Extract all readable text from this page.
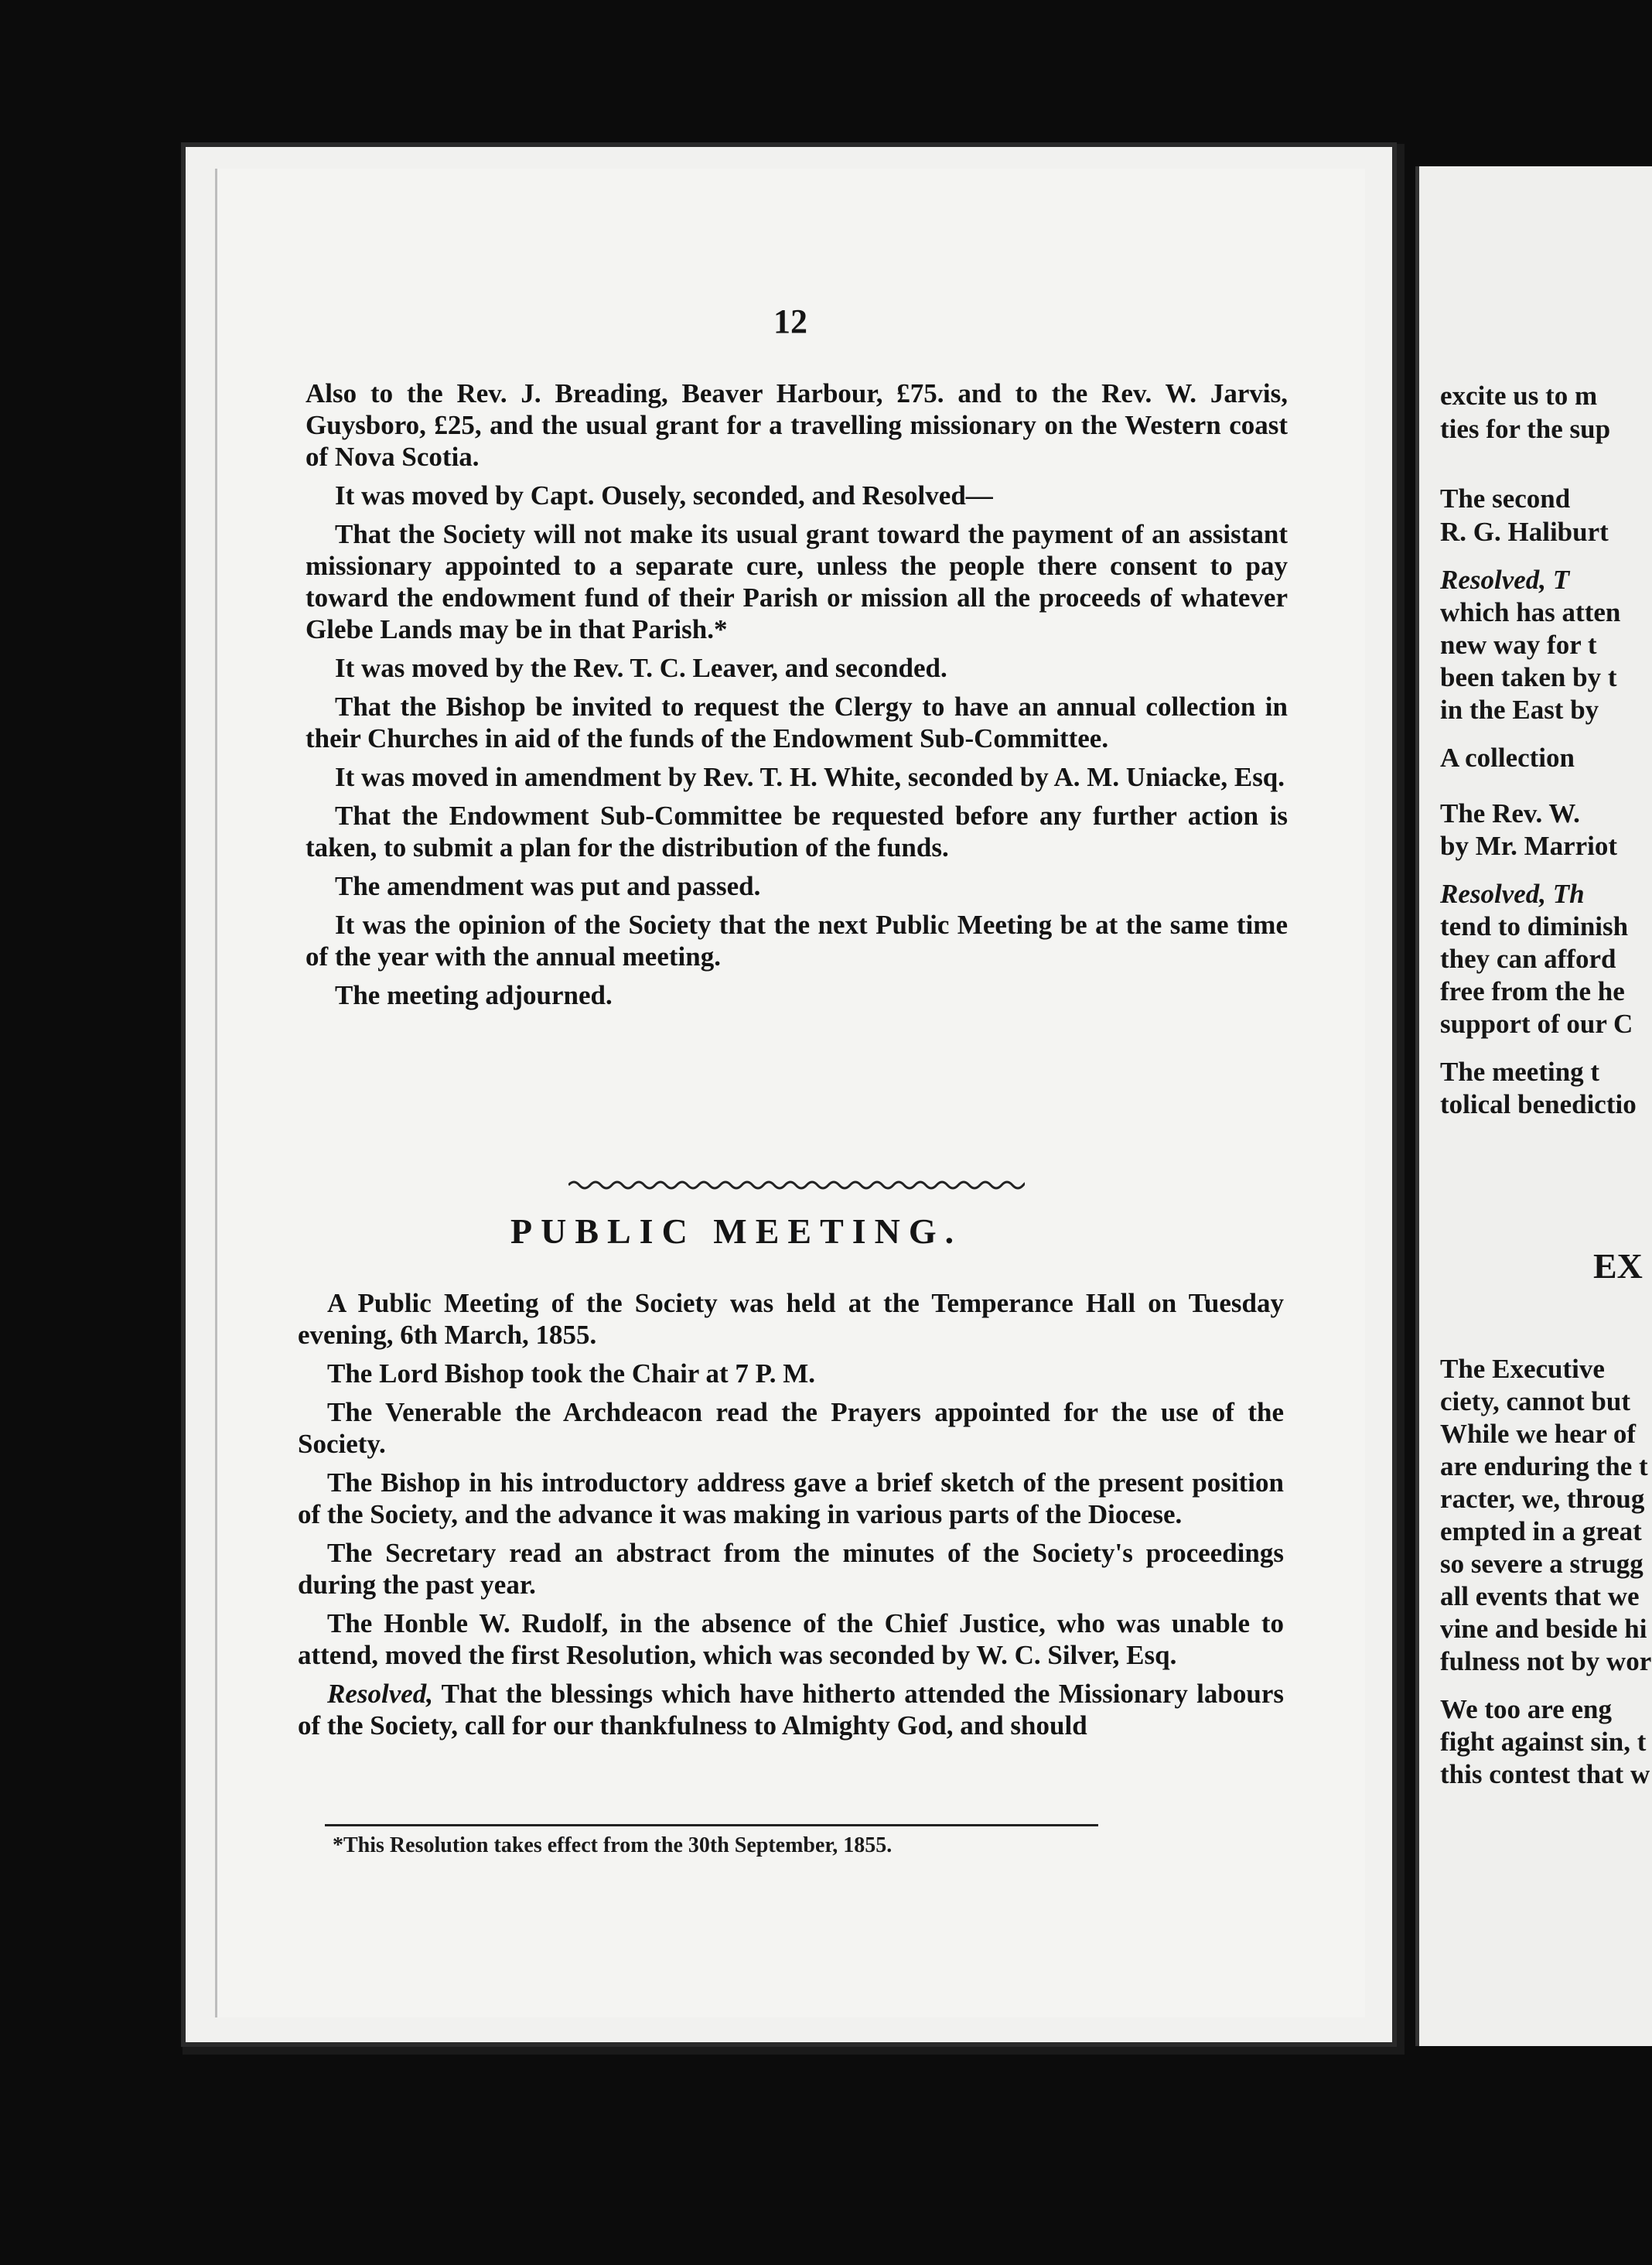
12

Also to the Rev. J. Breading, Beaver Harbour, £75. and to the Rev. W. Jarvis, Guysboro, £25, and the usual grant for a travelling missionary on the Western coast of Nova Scotia.

It was moved by Capt. Ousely, seconded, and Resolved—

That the Society will not make its usual grant toward the payment of an assistant missionary appointed to a separate cure, unless the people there consent to pay toward the endowment fund of their Parish or mission all the proceeds of whatever Glebe Lands may be in that Parish.*

It was moved by the Rev. T. C. Leaver, and seconded.

That the Bishop be invited to request the Clergy to have an annual collection in their Churches in aid of the funds of the Endowment Sub-Committee.

It was moved in amendment by Rev. T. H. White, seconded by A. M. Uniacke, Esq.

That the Endowment Sub-Committee be requested before any further action is taken, to submit a plan for the distribution of the funds.

The amendment was put and passed.

It was the opinion of the Society that the next Public Meeting be at the same time of the year with the annual meeting.

The meeting adjourned.

PUBLIC MEETING.

A Public Meeting of the Society was held at the Temperance Hall on Tuesday evening, 6th March, 1855.

The Lord Bishop took the Chair at 7 P. M.

The Venerable the Archdeacon read the Prayers appointed for the use of the Society.

The Bishop in his introductory address gave a brief sketch of the present position of the Society, and the advance it was making in various parts of the Diocese.

The Secretary read an abstract from the minutes of the Society's proceedings during the past year.

The Honble W. Rudolf, in the absence of the Chief Justice, who was unable to attend, moved the first Resolution, which was seconded by W. C. Silver, Esq.

Resolved, That the blessings which have hitherto attended the Missionary labours of the Society, call for our thankfulness to Almighty God, and should

*This Resolution takes effect from the 30th September, 1855.
excite us to m
ties for the sup
The second
R. G. Haliburt
Resolved, T
which has atten
new way for t
been taken by t
in the East by
A collection
The Rev. W.
by Mr. Marriot
Resolved, Th
tend to diminish
they can afford
free from the he
support of our C
The meeting t
tolical benedictio
EX
The Executive
ciety, cannot but
While we hear of
are enduring the t
racter, we, throug
empted in a great
so severe a strugg
all events that we
vine and beside hi
fulness not by wor
We too are eng
fight against sin, t
this contest that w
